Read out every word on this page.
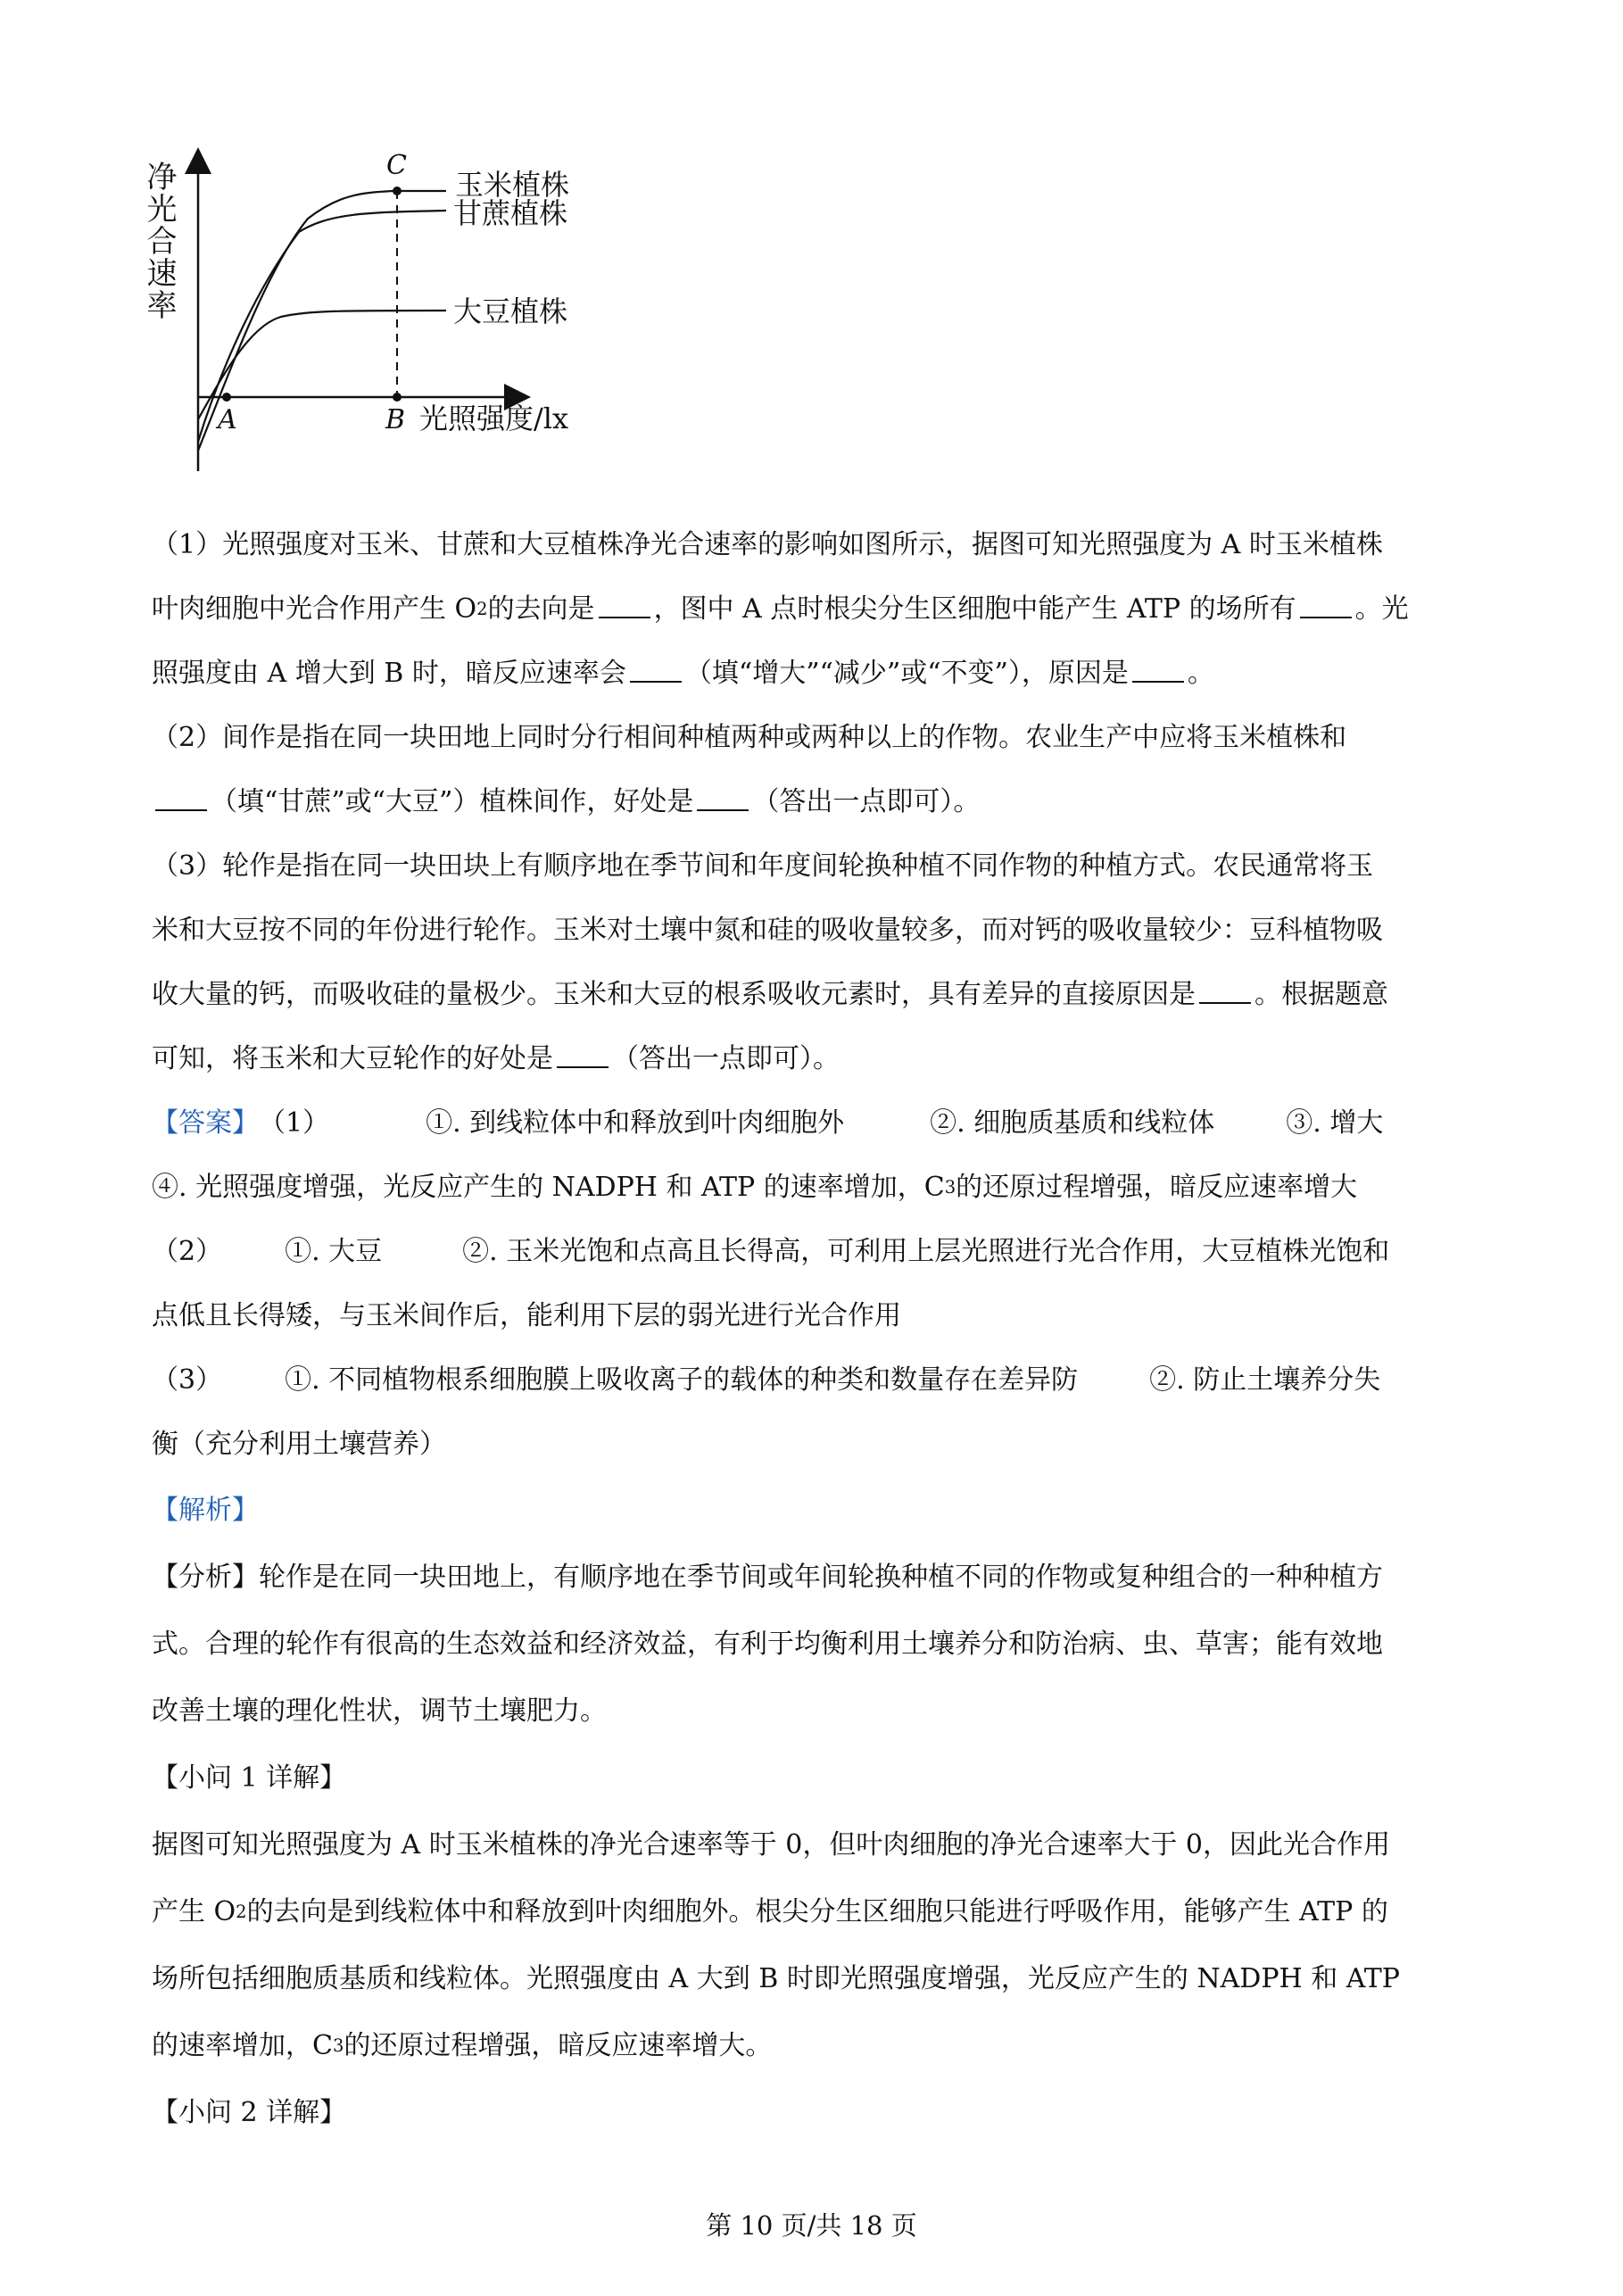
净光合速率
光照强度/lx
A	B
C
玉米植株
甘蔗植株
大豆植株
（1）光照强度对玉米、甘蔗和大豆植株净光合速率的影响如图所示，据图可知光照强度为 A 时玉米植株
叶肉细胞中光合作用产生 O 2 的去向是 ，图中 A 点时根尖分生区细胞中能产生 ATP 的场所有 。光
照强度由 A 增大到 B 时，暗反应速率会 （填“增大”“减少”或“不变”），原因是 。
（2）间作是指在同一块田地上同时分行相间种植两种或两种以上的作物。农业生产中应将玉米植株和
（填“甘蔗”或“大豆”）植株间作，好处是 （答出一点即可）。
（3）轮作是指在同一块田块上有顺序地在季节间和年度间轮换种植不同作物的种植方式。农民通常将玉
米和大豆按不同的年份进行轮作。玉米对土壤中氮和硅的吸收量较多，而对钙的吸收量较少：豆科植物吸
收大量的钙，而吸收硅的量极少。玉米和大豆的根系吸收元素时，具有差异的直接原因是 。根据题意
可知，将玉米和大豆轮作的好处是 （答出一点即可）。
【答案】 （1）	①. 到线粒体中和释放到叶肉细胞外	②. 细胞质基质和线粒体	③. 增大
④. 光照强度增强，光反应产生的 NADPH 和 ATP 的速率增加，C 3 的还原过程增强，暗反应速率增大
（2） ①. 大豆	②. 玉米光饱和点高且长得高，可利用上层光照进行光合作用，大豆植株光饱和
点低且长得矮，与玉米间作后，能利用下层的弱光进行光合作用
（3） ①. 不同植物根系细胞膜上吸收离子的载体的种类和数量存在差异防	②. 防止土壤养分失
衡（充分利用土壤营养）
【解析】
【分析】轮作是在同一块田地上，有顺序地在季节间或年间轮换种植不同的作物或复种组合的一种种植方
式。合理的轮作有很高的生态效益和经济效益，有利于均衡利用土壤养分和防治病、虫、草害；能有效地
改善土壤的理化性状，调节土壤肥力。
【小问 1 详解】
据图可知光照强度为 A 时玉米植株的净光合速率等于 0，但叶肉细胞的净光合速率大于 0，因此光合作用
产生 O 2 的去向是到线粒体中和释放到叶肉细胞外。根尖分生区细胞只能进行呼吸作用，能够产生 ATP 的
场所包括细胞质基质和线粒体。光照强度由 A 大到 B 时即光照强度增强，光反应产生的 NADPH 和 ATP
的速率增加，C 3 的还原过程增强，暗反应速率增大。
【小问 2 详解】
第 10 页/共 18 页
